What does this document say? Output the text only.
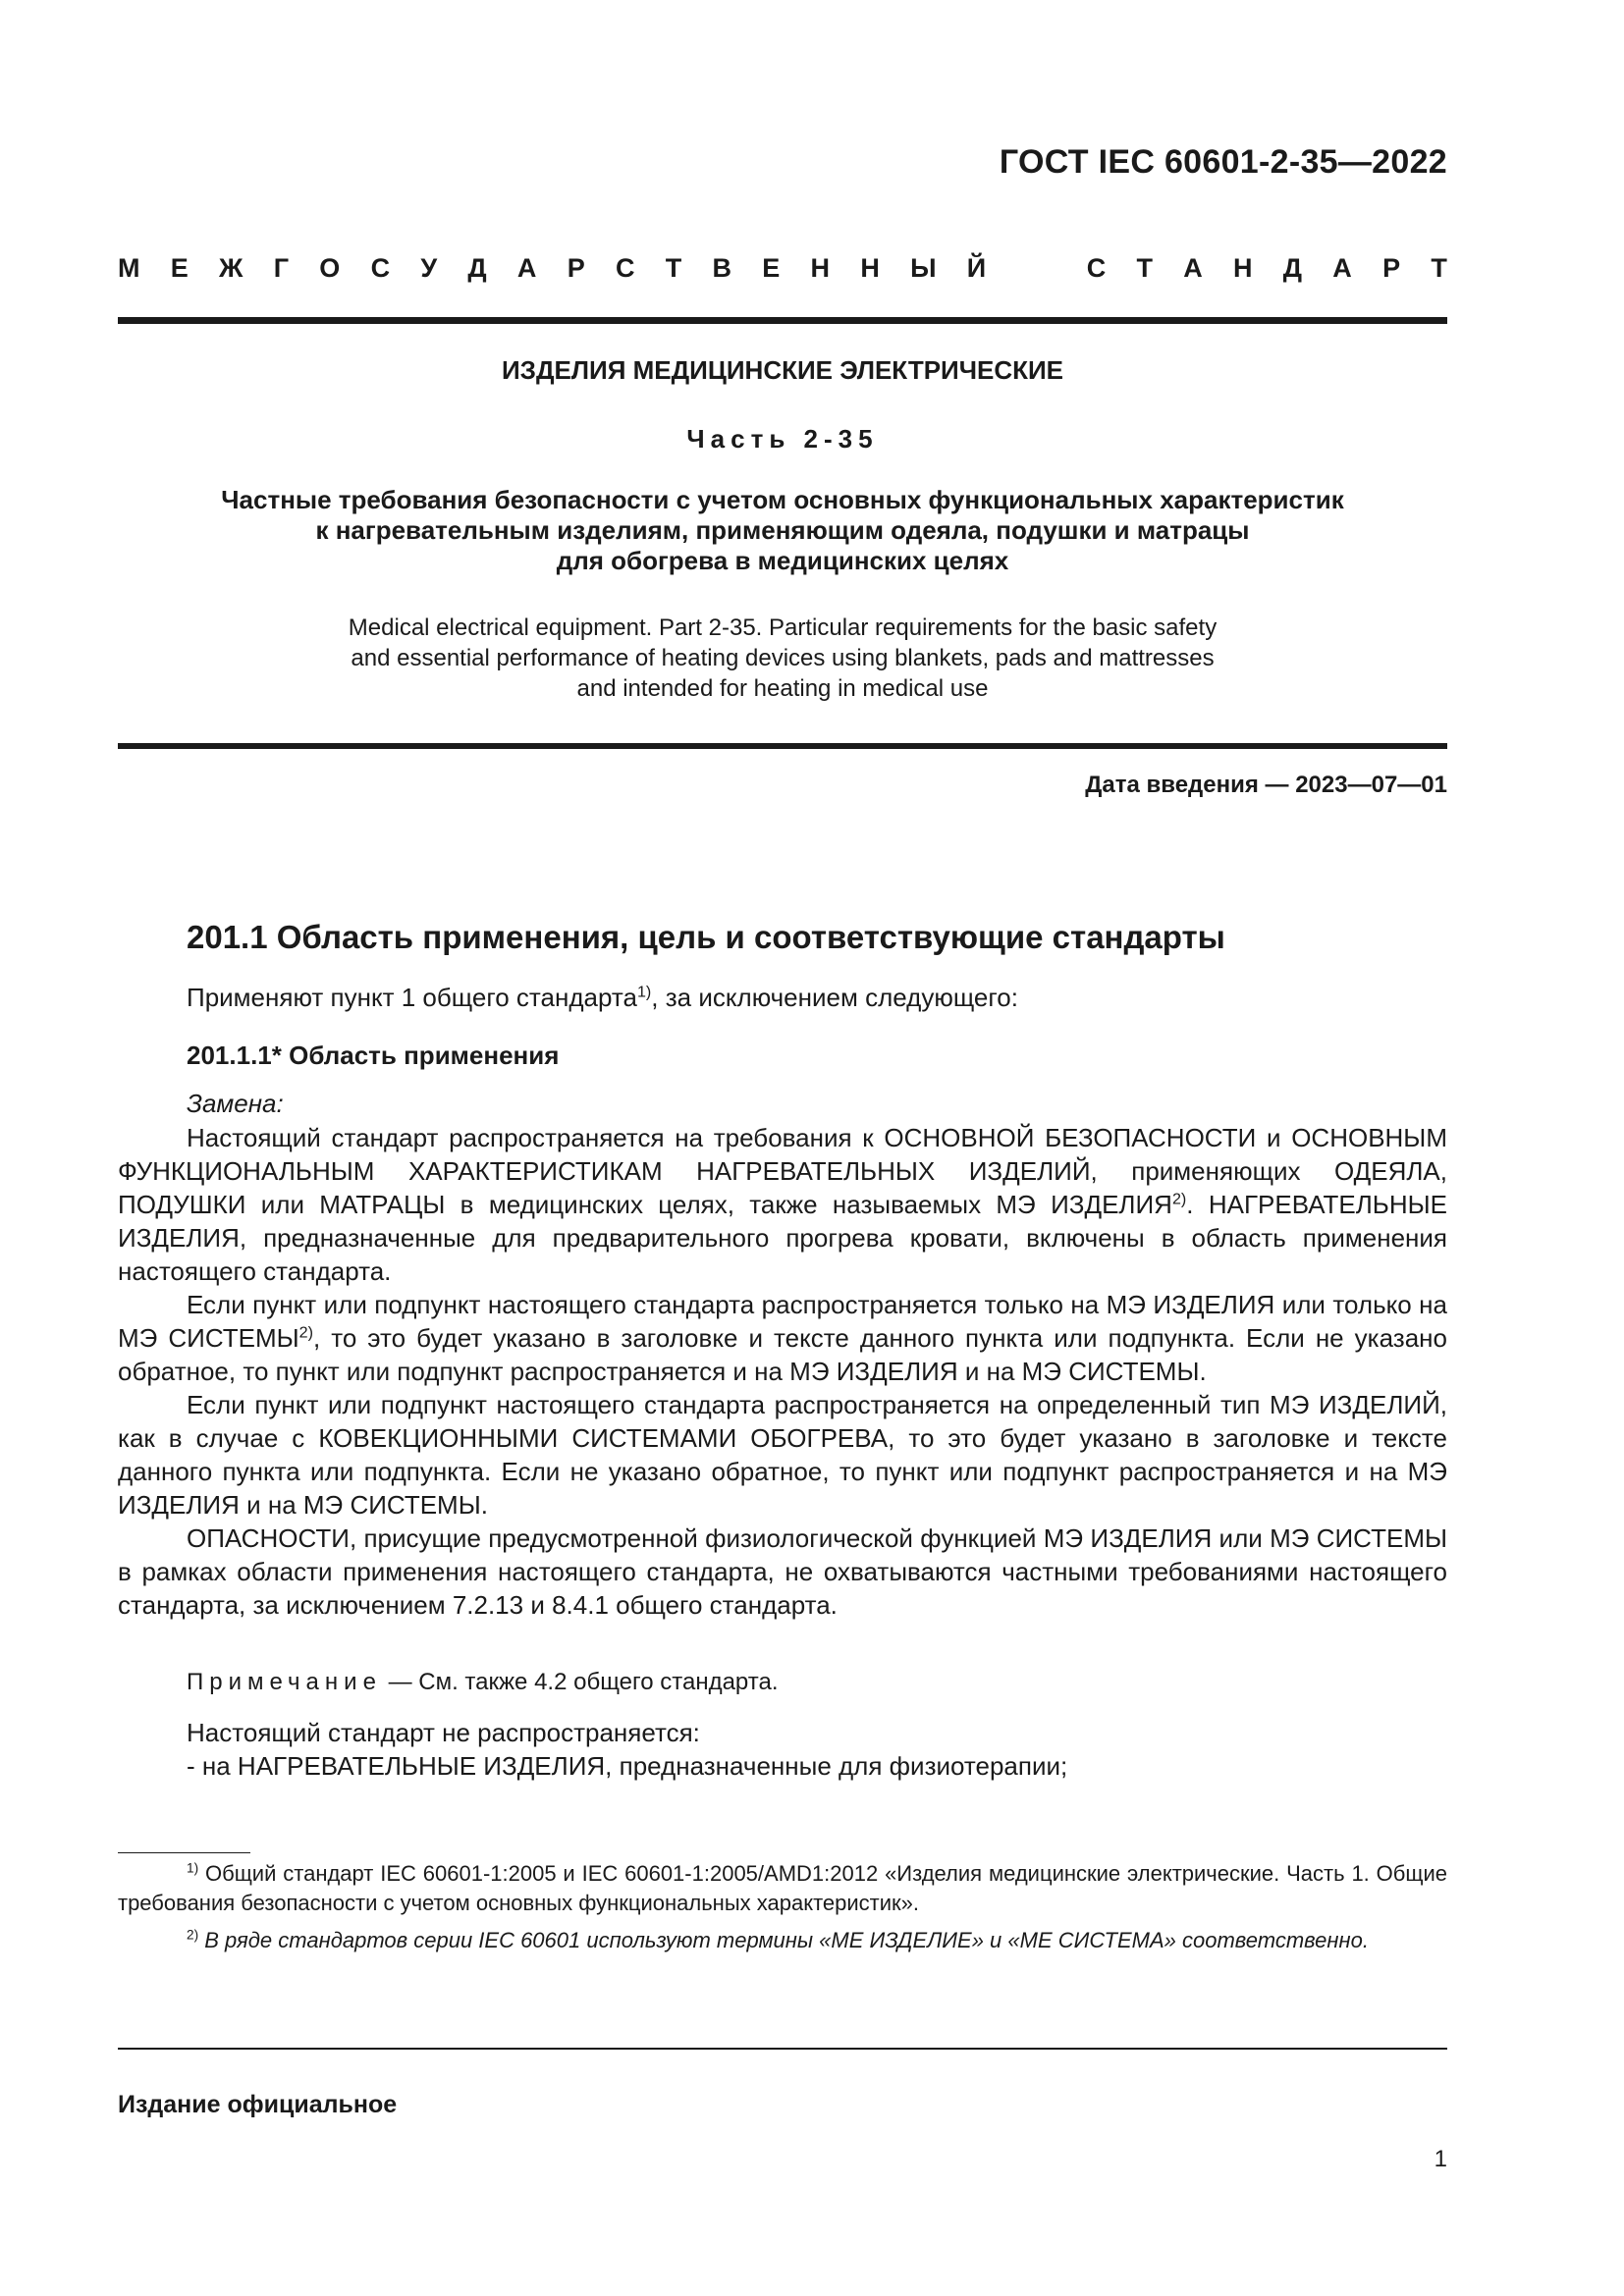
ГОСТ IEC 60601-2-35—2022
М Е Ж Г О С У Д А Р С Т В Е Н Н Ы Й	С Т А Н Д А Р Т
ИЗДЕЛИЯ МЕДИЦИНСКИЕ ЭЛЕКТРИЧЕСКИЕ
Часть 2-35
Частные требования безопасности с учетом основных функциональных характеристик
к нагревательным изделиям, применяющим одеяла, подушки и матрацы
для обогрева в медицинских целях
Medical electrical equipment. Part 2-35. Particular requirements for the basic safety
and essential performance of heating devices using blankets, pads and mattresses
and intended for heating in medical use
Дата введения — 2023—07—01
201.1 Область применения, цель и соответствующие стандарты
Применяют пункт 1 общего стандарта$^{1)}$, за исключением следующего:
201.1.1* Область применения
Замена:

Настоящий стандарт распространяется на требования к ОСНОВНОЙ БЕЗОПАСНОСТИ и ОСНОВНЫМ ФУНКЦИОНАЛЬНЫМ ХАРАКТЕРИСТИКАМ НАГРЕВАТЕЛЬНЫХ ИЗДЕЛИЙ, применяющих ОДЕЯЛА, ПОДУШКИ или МАТРАЦЫ в медицинских целях, также называемых МЭ ИЗДЕЛИЯ$^{2)}$. НАГРЕВАТЕЛЬНЫЕ ИЗДЕЛИЯ, предназначенные для предварительного прогрева кровати, включены в область применения настоящего стандарта.

Если пункт или подпункт настоящего стандарта распространяется только на МЭ ИЗДЕЛИЯ или только на МЭ СИСТЕМЫ$^{2)}$, то это будет указано в заголовке и тексте данного пункта или подпункта. Если не указано обратное, то пункт или подпункт распространяется и на МЭ ИЗДЕЛИЯ и на МЭ СИСТЕМЫ.

Если пункт или подпункт настоящего стандарта распространяется на определенный тип МЭ ИЗДЕЛИЙ, как в случае с КОВЕКЦИОННЫМИ СИСТЕМАМИ ОБОГРЕВА, то это будет указано в заголовке и тексте данного пункта или подпункта. Если не указано обратное, то пункт или подпункт распространяется и на МЭ ИЗДЕЛИЯ и на МЭ СИСТЕМЫ.

ОПАСНОСТИ, присущие предусмотренной физиологической функцией МЭ ИЗДЕЛИЯ или МЭ СИСТЕМЫ в рамках области применения настоящего стандарта, не охватываются частными требованиями настоящего стандарта, за исключением 7.2.13 и 8.4.1 общего стандарта.

Примечание — См. также 4.2 общего стандарта.
Настоящий стандарт не распространяется:
- на НАГРЕВАТЕЛЬНЫЕ ИЗДЕЛИЯ, предназначенные для физиотерапии;

$^{1)}$ Общий стандарт IEC 60601-1:2005 и IEC 60601-1:2005/AMD1:2012 «Изделия медицинские электрические. Часть 1. Общие требования безопасности с учетом основных функциональных характеристик».

$^{2)}$ В ряде стандартов серии IEC 60601 используют термины «МЕ ИЗДЕЛИЕ» и «МЕ СИСТЕМА» соответственно.

Издание официальное
1
